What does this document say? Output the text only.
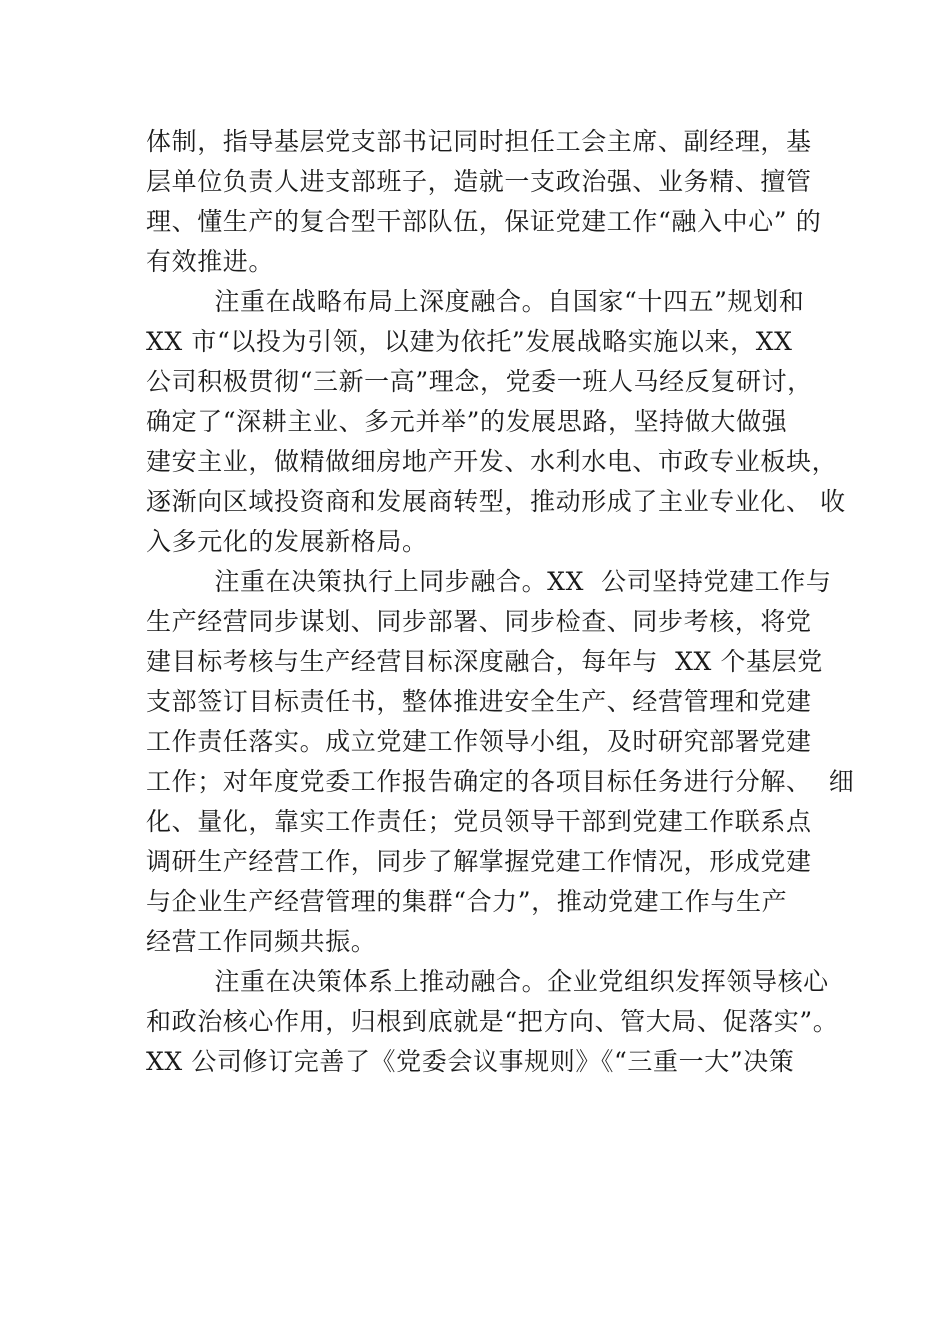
体制，指导基层党支部书记同时担任工会主席、副经理，基
层单位负责人进支部班子，造就一支政治强、业务精、擅管
理、懂生产的复合型干部队伍，保证党建工作“融入中心” 的
有效推进。
注重在战略布局上深度融合。自国家“十四五”规划和
XX 市“以投为引领，以建为依托”发展战略实施以来，XX
公司积极贯彻“三新一高”理念，党委一班人马经反复研讨，
确定了“深耕主业、多元并举”的发展思路，坚持做大做强
建安主业，做精做细房地产开发、水利水电、市政专业板块，
逐渐向区域投资商和发展商转型，推动形成了主业专业化、 收
入多元化的发展新格局。
注重在决策执行上同步融合。XX  公司坚持党建工作与
生产经营同步谋划、同步部署、同步检查、同步考核，将党
建目标考核与生产经营目标深度融合，每年与  XX 个基层党
支部签订目标责任书，整体推进安全生产、经营管理和党建
工作责任落实。成立党建工作领导小组，及时研究部署党建
工作；对年度党委工作报告确定的各项目标任务进行分解、  细
化、量化，靠实工作责任；党员领导干部到党建工作联系点
调研生产经营工作，同步了解掌握党建工作情况，形成党建
与企业生产经营管理的集群“合力”，推动党建工作与生产
经营工作同频共振。
注重在决策体系上推动融合。企业党组织发挥领导核心
和政治核心作用，归根到底就是“把方向、管大局、促落实”。
XX 公司修订完善了《党委会议事规则》《“三重一大”决策
